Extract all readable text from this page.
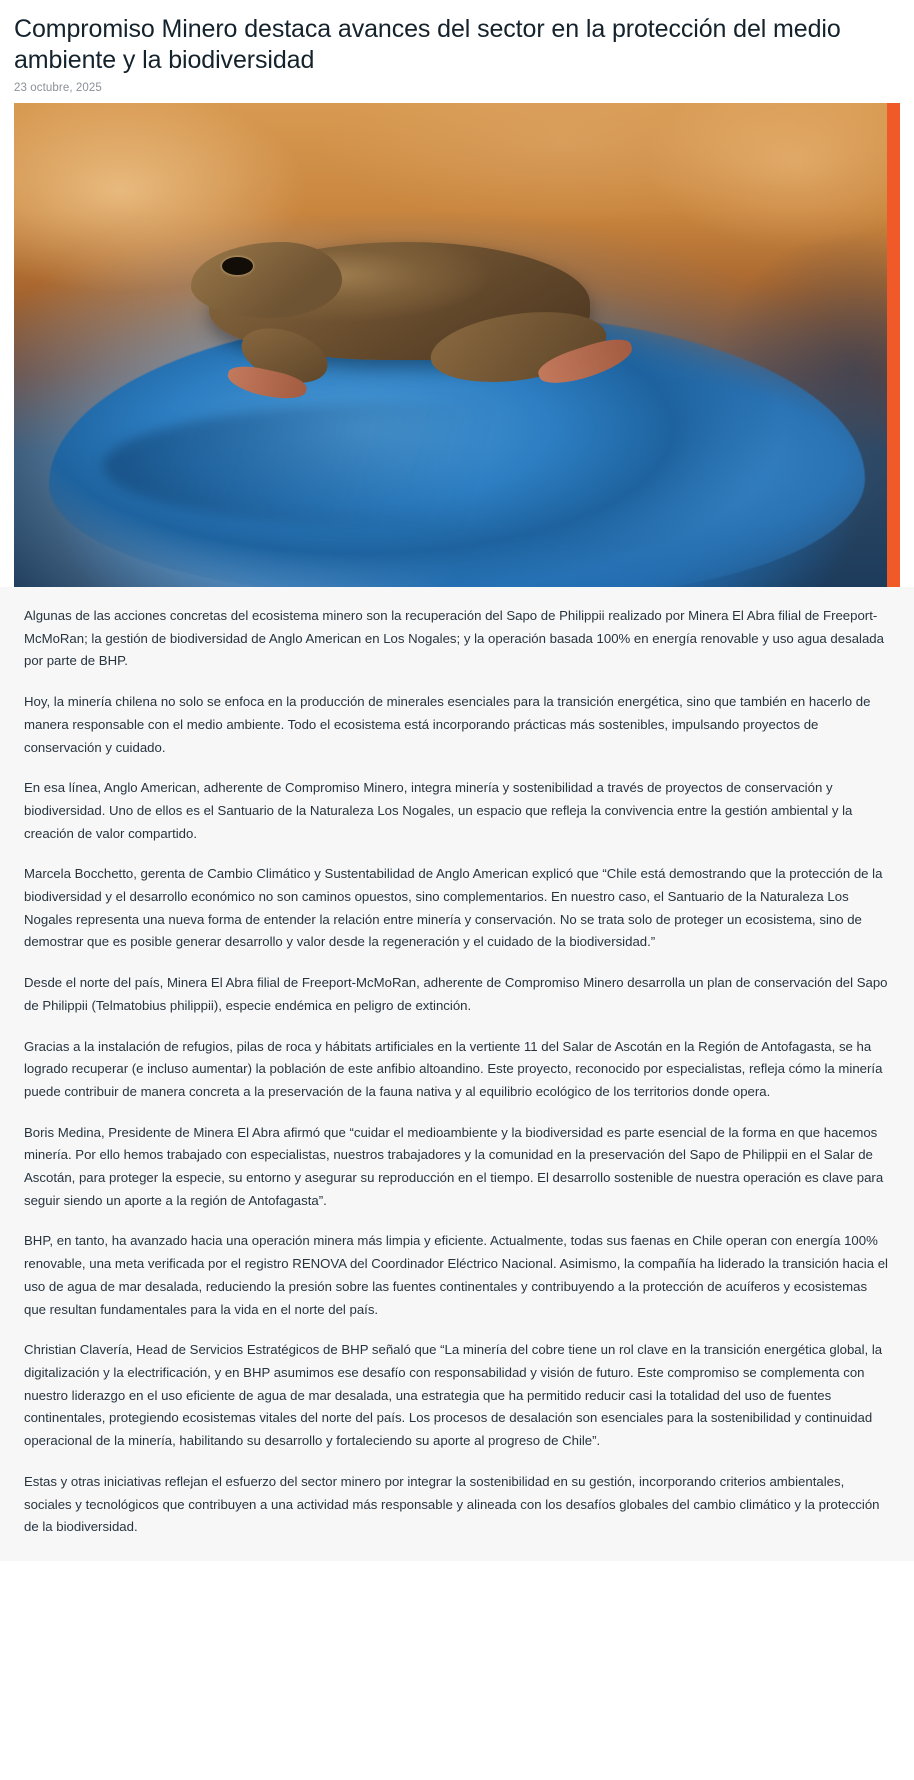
Compromiso Minero destaca avances del sector en la protección del medio ambiente y la biodiversidad
23 octubre, 2025

Algunas de las acciones concretas del ecosistema minero son la recuperación del Sapo de Philippii realizado por Minera El Abra filial de Freeport-McMoRan; la gestión de biodiversidad de Anglo American en Los Nogales; y la operación basada 100% en energía renovable y uso agua desalada por parte de BHP.

Hoy, la minería chilena no solo se enfoca en la producción de minerales esenciales para la transición energética, sino que también en hacerlo de manera responsable con el medio ambiente. Todo el ecosistema está incorporando prácticas más sostenibles, impulsando proyectos de conservación y cuidado.

En esa línea, Anglo American, adherente de Compromiso Minero, integra minería y sostenibilidad a través de proyectos de conservación y biodiversidad. Uno de ellos es el Santuario de la Naturaleza Los Nogales, un espacio que refleja la convivencia entre la gestión ambiental y la creación de valor compartido.

Marcela Bocchetto, gerenta de Cambio Climático y Sustentabilidad de Anglo American explicó que “Chile está demostrando que la protección de la biodiversidad y el desarrollo económico no son caminos opuestos, sino complementarios. En nuestro caso, el Santuario de la Naturaleza Los Nogales representa una nueva forma de entender la relación entre minería y conservación. No se trata solo de proteger un ecosistema, sino de demostrar que es posible generar desarrollo y valor desde la regeneración y el cuidado de la biodiversidad.”

Desde el norte del país, Minera El Abra filial de Freeport-McMoRan, adherente de Compromiso Minero desarrolla un plan de conservación del Sapo de Philippii (Telmatobius philippii), especie endémica en peligro de extinción.

Gracias a la instalación de refugios, pilas de roca y hábitats artificiales en la vertiente 11 del Salar de Ascotán en la Región de Antofagasta, se ha logrado recuperar (e incluso aumentar) la población de este anfibio altoandino. Este proyecto, reconocido por especialistas, refleja cómo la minería puede contribuir de manera concreta a la preservación de la fauna nativa y al equilibrio ecológico de los territorios donde opera.

Boris Medina, Presidente de Minera El Abra afirmó que “cuidar el medioambiente y la biodiversidad es parte esencial de la forma en que hacemos minería. Por ello hemos trabajado con especialistas, nuestros trabajadores y la comunidad en la preservación del Sapo de Philippii en el Salar de Ascotán, para proteger la especie, su entorno y asegurar su reproducción en el tiempo. El desarrollo sostenible de nuestra operación es clave para seguir siendo un aporte a la región de Antofagasta”.

BHP, en tanto, ha avanzado hacia una operación minera más limpia y eficiente. Actualmente, todas sus faenas en Chile operan con energía 100% renovable, una meta verificada por el registro RENOVA del Coordinador Eléctrico Nacional. Asimismo, la compañía ha liderado la transición hacia el uso de agua de mar desalada, reduciendo la presión sobre las fuentes continentales y contribuyendo a la protección de acuíferos y ecosistemas que resultan fundamentales para la vida en el norte del país.

Christian Clavería, Head de Servicios Estratégicos de BHP señaló que “La minería del cobre tiene un rol clave en la transición energética global, la digitalización y la electrificación, y en BHP asumimos ese desafío con responsabilidad y visión de futuro. Este compromiso se complementa con nuestro liderazgo en el uso eficiente de agua de mar desalada, una estrategia que ha permitido reducir casi la totalidad del uso de fuentes continentales, protegiendo ecosistemas vitales del norte del país. Los procesos de desalación son esenciales para la sostenibilidad y continuidad operacional de la minería, habilitando su desarrollo y fortaleciendo su aporte al progreso de Chile”.

Estas y otras iniciativas reflejan el esfuerzo del sector minero por integrar la sostenibilidad en su gestión, incorporando criterios ambientales, sociales y tecnológicos que contribuyen a una actividad más responsable y alineada con los desafíos globales del cambio climático y la protección de la biodiversidad.
